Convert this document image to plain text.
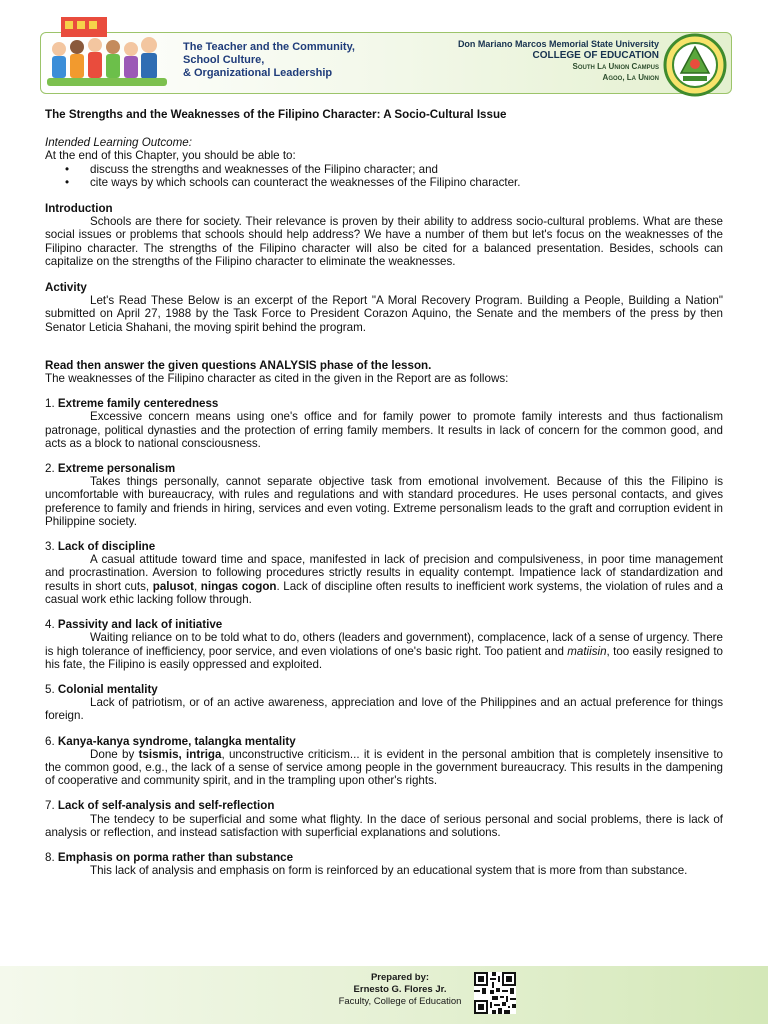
The Teacher and the Community,
School Culture,
& Organizational Leadership
Don Mariano Marcos Memorial State University
COLLEGE OF EDUCATION
South La Union Campus
Agoo, La Union
The Strengths and the Weaknesses of the Filipino Character: A Socio-Cultural Issue
Intended Learning Outcome:
At the end of this Chapter, you should be able to:
• discuss the strengths and weaknesses of the Filipino character; and
• cite ways by which schools can counteract the weaknesses of the Filipino character.
Introduction
Schools are there for society. Their relevance is proven by their ability to address socio-cultural problems. What are these social issues or problems that schools should help address? We have a number of them but let's focus on the weaknesses of the Filipino character. The strengths of the Filipino character will also be cited for a balanced presentation. Besides, schools can capitalize on the strengths of the Filipino character to eliminate the weaknesses.
Activity
Let's Read These Below is an excerpt of the Report "A Moral Recovery Program. Building a People, Building a Nation" submitted on April 27, 1988 by the Task Force to President Corazon Aquino, the Senate and the members of the press by then Senator Leticia Shahani, the moving spirit behind the program.
Read then answer the given questions ANALYSIS phase of the lesson.
The weaknesses of the Filipino character as cited in the given in the Report are as follows:
1. Extreme family centeredness
Excessive concern means using one's office and for family power to promote family interests and thus factionalism patronage, political dynasties and the protection of erring family members. It results in lack of concern for the common good, and acts as a block to national consciousness.
2. Extreme personalism
Takes things personally, cannot separate objective task from emotional involvement. Because of this the Filipino is uncomfortable with bureaucracy, with rules and regulations and with standard procedures. He uses personal contacts, and gives preference to family and friends in hiring, services and even voting. Extreme personalism leads to the graft and corruption evident in Philippine society.
3. Lack of discipline
A casual attitude toward time and space, manifested in lack of precision and compulsiveness, in poor time management and procrastination. Aversion to following procedures strictly results in equality contempt. Impatience lack of standardization and results in short cuts, palusot, ningas cogon. Lack of discipline often results to inefficient work systems, the violation of rules and a casual work ethic lacking follow through.
4. Passivity and lack of initiative
Waiting reliance on to be told what to do, others (leaders and government), complacence, lack of a sense of urgency. There is high tolerance of inefficiency, poor service, and even violations of one's basic right. Too patient and matiisin, too easily resigned to his fate, the Filipino is easily oppressed and exploited.
5. Colonial mentality
Lack of patriotism, or of an active awareness, appreciation and love of the Philippines and an actual preference for things foreign.
6. Kanya-kanya syndrome, talangka mentality
Done by tsismis, intriga, unconstructive criticism... it is evident in the personal ambition that is completely insensitive to the common good, e.g., the lack of a sense of service among people in the government bureaucracy. This results in the dampening of cooperative and community spirit, and in the trampling upon other's rights.
7. Lack of self-analysis and self-reflection
The tendecy to be superficial and some what flighty. In the dace of serious personal and social problems, there is lack of analysis or reflection, and instead satisfaction with superficial explanations and solutions.
8. Emphasis on porma rather than substance
This lack of analysis and emphasis on form is reinforced by an educational system that is more from than substance.
Prepared by:
Ernesto G. Flores Jr.
Faculty, College of Education
